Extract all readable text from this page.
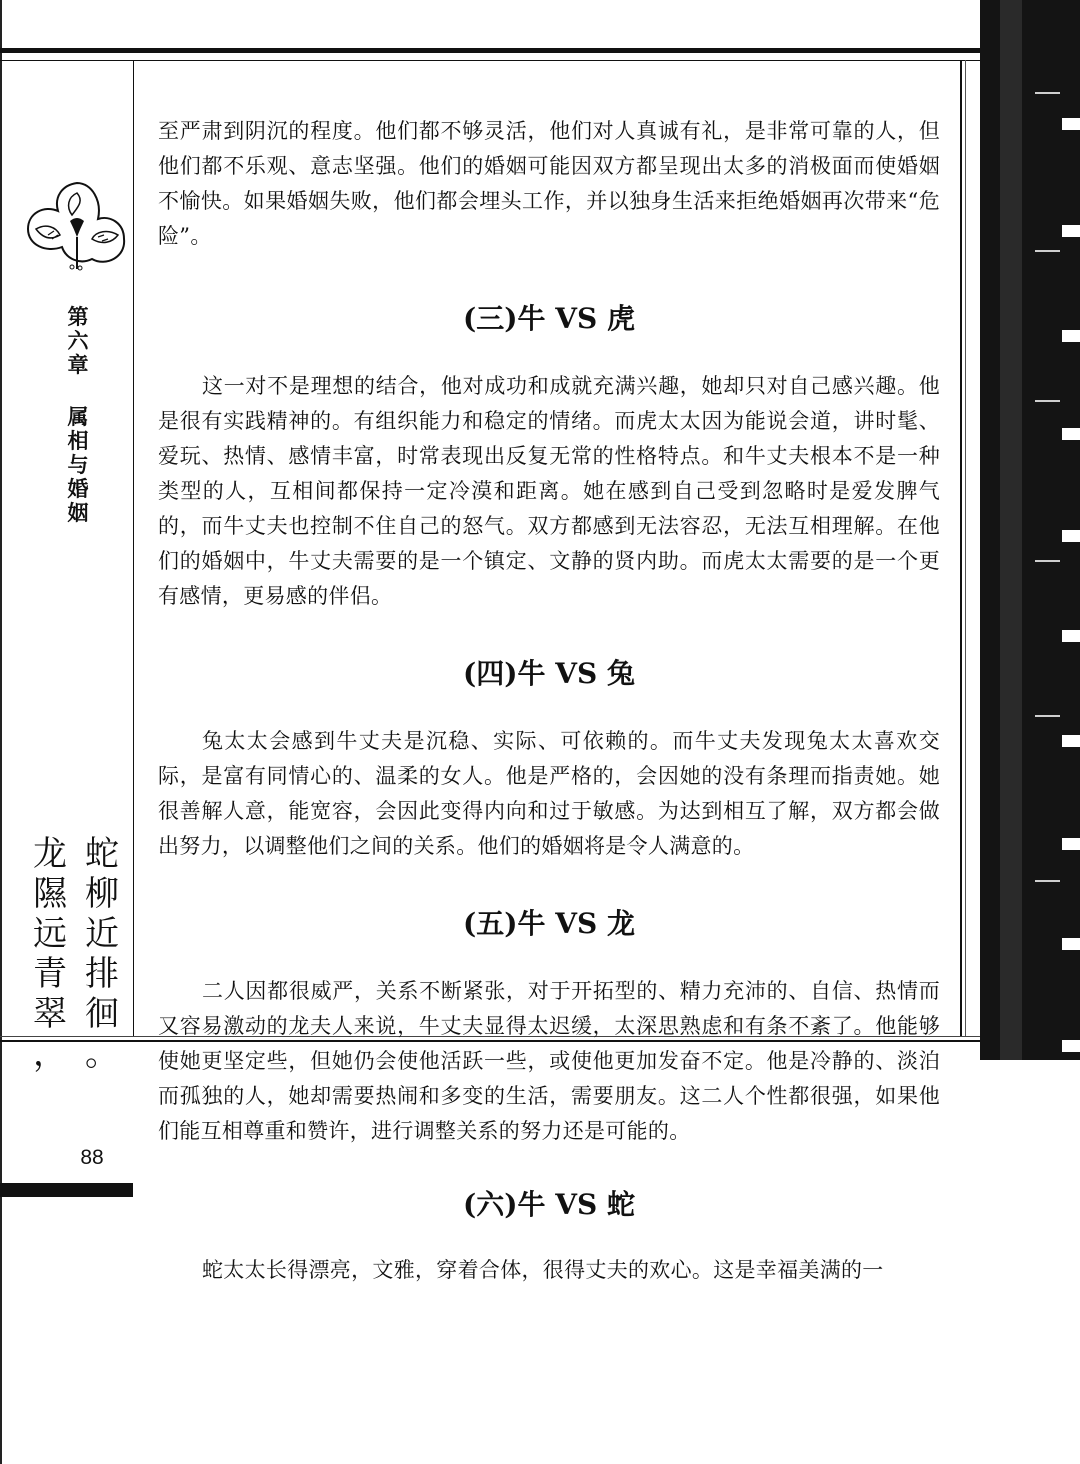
第
六
章
属
相
与
婚
姻
蛇
柳
近
排
徊
。
龙
隰
远
青
翠
，
88

至严肃到阴沉的程度。他们都不够灵活，他们对人真诚有礼，是非常可靠的人，但他们都不乐观、意志坚强。他们的婚姻可能因双方都呈现出太多的消极面而使婚姻不愉快。如果婚姻失败，他们都会埋头工作，并以独身生活来拒绝婚姻再次带来“危险”。

(三)牛 VS 虎

这一对不是理想的结合，他对成功和成就充满兴趣，她却只对自己感兴趣。他是很有实践精神的。有组织能力和稳定的情绪。而虎太太因为能说会道，讲时髦、爱玩、热情、感情丰富，时常表现出反复无常的性格特点。和牛丈夫根本不是一种类型的人，互相间都保持一定冷漠和距离。她在感到自己受到忽略时是爱发脾气的，而牛丈夫也控制不住自己的怒气。双方都感到无法容忍，无法互相理解。在他们的婚姻中，牛丈夫需要的是一个镇定、文静的贤内助。而虎太太需要的是一个更有感情，更易感的伴侣。

(四)牛 VS 兔

兔太太会感到牛丈夫是沉稳、实际、可依赖的。而牛丈夫发现兔太太喜欢交际，是富有同情心的、温柔的女人。他是严格的，会因她的没有条理而指责她。她很善解人意，能宽容，会因此变得内向和过于敏感。为达到相互了解，双方都会做出努力，以调整他们之间的关系。他们的婚姻将是令人满意的。

(五)牛 VS 龙

二人因都很威严，关系不断紧张，对于开拓型的、精力充沛的、自信、热情而又容易激动的龙夫人来说，牛丈夫显得太迟缓，太深思熟虑和有条不紊了。他能够使她更坚定些，但她仍会使他活跃一些，或使他更加发奋不定。他是冷静的、淡泊而孤独的人，她却需要热闹和多变的生活，需要朋友。这二人个性都很强，如果他们能互相尊重和赞许，进行调整关系的努力还是可能的。

(六)牛 VS 蛇

蛇太太长得漂亮，文雅，穿着合体，很得丈夫的欢心。这是幸福美满的一
